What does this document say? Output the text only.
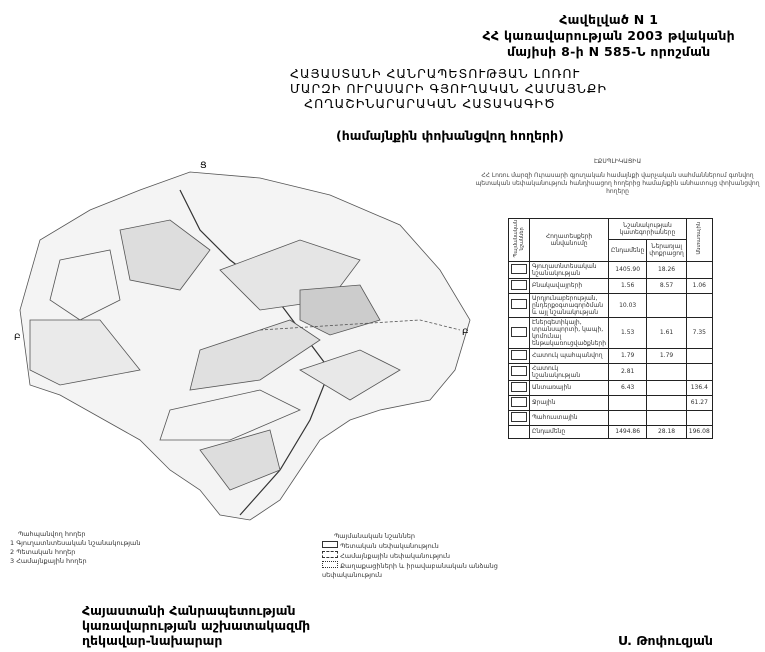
Հավելված N 1
ՀՀ կառավարության 2003 թվականի
մայիսի 8-ի N 585-Ն որոշման
ՀԱՅԱՍՏԱՆԻ ՀԱՆՐԱՊԵՏՈՒԹՅԱՆ ԼՈՌՈՒ
ՄԱՐԶԻ ՈՒՐԱՍԱՐԻ ԳՅՈՒՂԱԿԱՆ ՀԱՄԱՅՆՔԻ
ՀՈՂԱՇԻՆԱՐԱՐԱԿԱՆ ՀԱՏԱԿԱԳԻԾ
(համայնքին փոխանցվող հողերի)
Ց
Բ	Բ
ԷՔՍՊԼԻԿԱՑԻԱ
ՀՀ Լոռու մարզի Ուրասարի գյուղական համայնքի վարչական սահմաններում գտնվող պետական սեփականություն հանդիսացող հողերից համայնքին անհատույց փոխանցվող հողերը
Պայմանական նշաններ	Հողատեսքերի անվանումը	Նշանակության կատեգորիաները		Անտառային
		Ընդամենը	Ներառյալ փոքրացող	
	Գյուղատնտեսական նշանակության	1405.90	18.26	
	Բնակավայրերի	1.56	8.57	1.06
	Արդյունաբերության, ընդերքօգտագործման և այլ նշանակության	10.03		
	Էներգետիկայի, տրանսպորտի, կապի, կոմունալ ենթակառուցվածքների	1.53	1.61	7.35
	Հատուկ պահպանվող	1.79	1.79	
	Հատուկ նշանակության	2.81		
	Անտառային	6.43		136.4
	Ջրային			61.27
	Պահուստային			
	Ընդամենը	1494.86	28.18	196.08
Պահպանվող հողեր
1 Գյուղատնտեսական նշանակության
2 Պետական հողեր
3 Համայնքային հողեր
Պայմանական նշաններ
Պետական սեփականություն
Համայնքային սեփականություն
Քաղաքացիների և իրավաբանական անձանց սեփականություն
Հայաստանի Հանրապետության
կառավարության աշխատակազմի
ղեկավար-նախարար	Ս. Թոփուզյան
